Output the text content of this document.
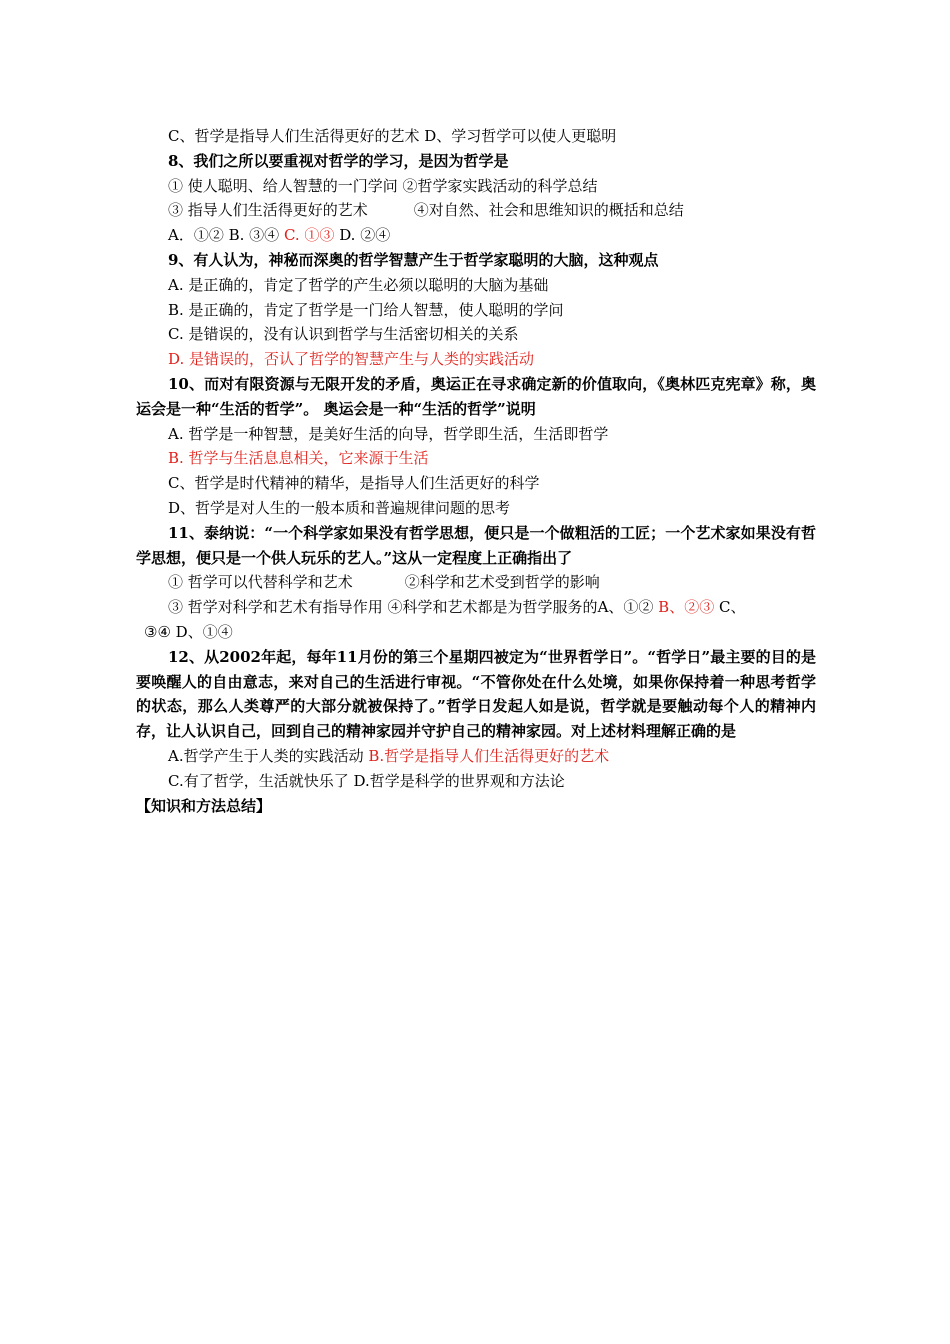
C、哲学是指导人们生活得更好的艺术 D、学习哲学可以使人更聪明
8、我们之所以要重视对哲学的学习，是因为哲学是
① 使人聪明、给人智慧的一门学问 ②哲学家实践活动的科学总结
③ 指导人们生活得更好的艺术	④对自然、社会和思维知识的概括和总结
A．①② B. ③④ C. ①③ D. ②④
9、有人认为，神秘而深奥的哲学智慧产生于哲学家聪明的大脑，这种观点
A. 是正确的，肯定了哲学的产生必须以聪明的大脑为基础
B. 是正确的，肯定了哲学是一门给人智慧，使人聪明的学问
C. 是错误的，没有认识到哲学与生活密切相关的关系
D. 是错误的，否认了哲学的智慧产生与人类的实践活动
10、而对有限资源与无限开发的矛盾，奥运正在寻求确定新的价值取向，《奥林匹克宪章》称，奥运会是一种“生活的哲学”。 奥运会是一种“生活的哲学”说明
A. 哲学是一种智慧，是美好生活的向导，哲学即生活，生活即哲学
B. 哲学与生活息息相关，它来源于生活
C、哲学是时代精神的精华，是指导人们生活更好的科学
D、哲学是对人生的一般本质和普遍规律问题的思考
11、泰纳说：“一个科学家如果没有哲学思想，便只是一个做粗活的工匠；一个艺术家如果没有哲学思想，便只是一个供人玩乐的艺人。”这从一定程度上正确指出了
① 哲学可以代替科学和艺术	②科学和艺术受到哲学的影响
③ 哲学对科学和艺术有指导作用 ④科学和艺术都是为哲学服务的A、①② B、②③ C、
③④ D、①④
12、从2002年起，每年11月份的第三个星期四被定为“世界哲学日”。“哲学日”最主要的目的是要唤醒人的自由意志，来对自己的生活进行审视。“不管你处在什么处境，如果你保持着一种思考哲学的状态，那么人类尊严的大部分就被保持了。”哲学日发起人如是说，哲学就是要触动每个人的精神内存，让人认识自己，回到自己的精神家园并守护自己的精神家园。对上述材料理解正确的是
A.哲学产生于人类的实践活动 B.哲学是指导人们生活得更好的艺术
C.有了哲学，生活就快乐了 D.哲学是科学的世界观和方法论
【知识和方法总结】
